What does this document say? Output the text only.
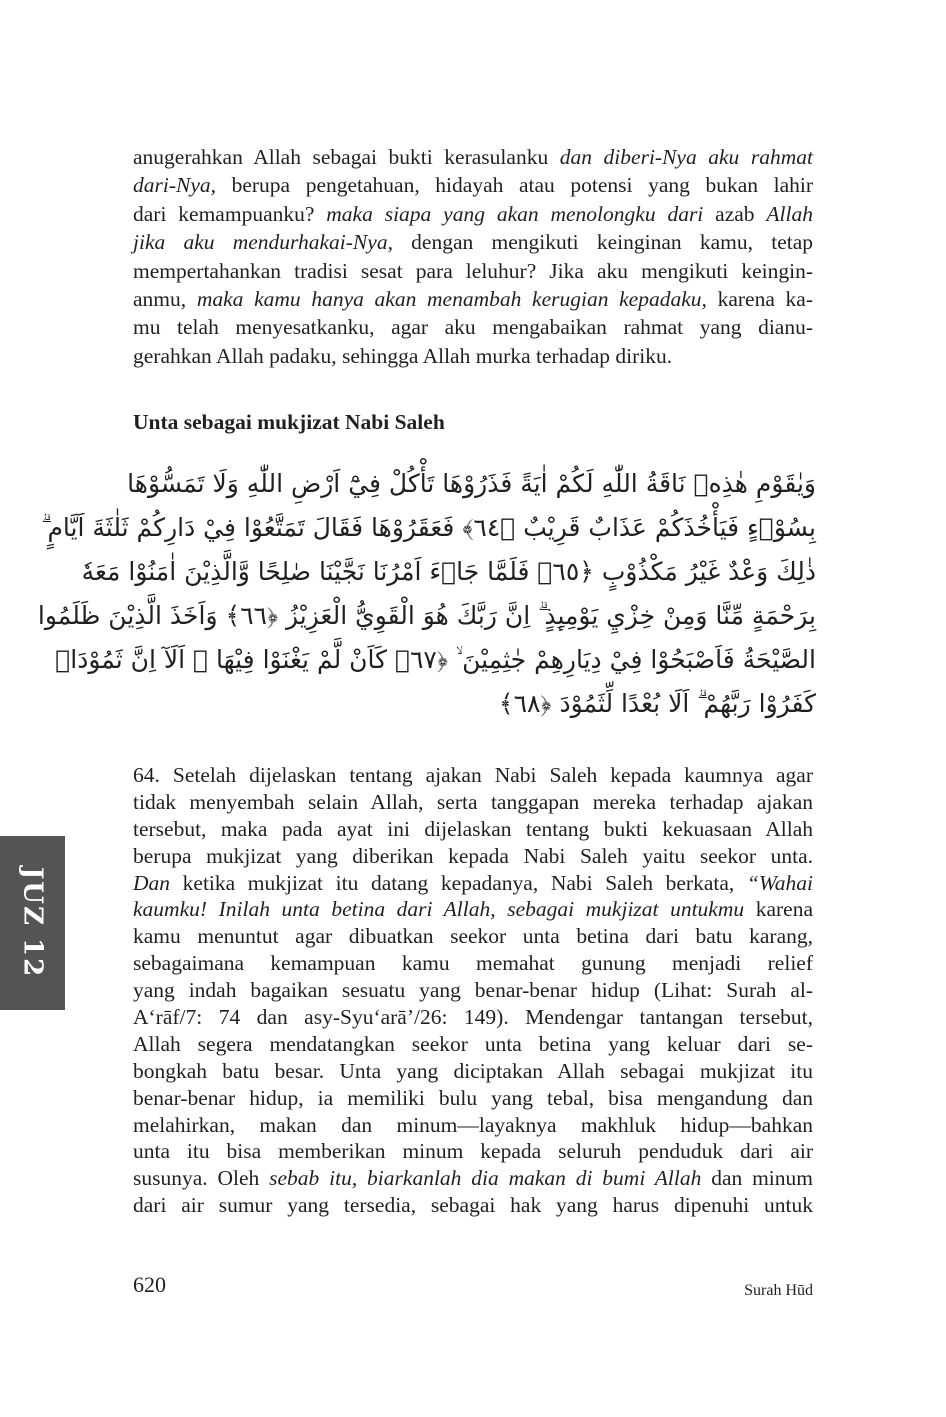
anugerahkan Allah sebagai bukti kerasulanku dan diberi-Nya aku rahmat
dari-Nya, berupa pengetahuan, hidayah atau potensi yang bukan lahir
dari kemampuanku? maka siapa yang akan menolongku dari azab Allah
jika aku mendurhakai-Nya, dengan mengikuti keinginan kamu, tetap
mempertahankan tradisi sesat para leluhur? Jika aku mengikuti keingin-
anmu, maka kamu hanya akan menambah kerugian kepadaku, karena ka-
mu telah menyesatkanku, agar aku mengabaikan rahmat yang dianu-
gerahkan Allah padaku, sehingga Allah murka terhadap diriku.
Unta sebagai mukjizat Nabi Saleh
وَيٰقَوْمِ هٰذِهٖ نَاقَةُ اللّٰهِ لَكُمْ اٰيَةً فَذَرُوْهَا تَأْكُلْ فِيْٓ اَرْضِ اللّٰهِ وَلَا تَمَسُّوْهَا
بِسُوْۤءٍ فَيَأْخُذَكُمْ عَذَابٌ قَرِيْبٌ ﴿٦٤﴾ فَعَقَرُوْهَا فَقَالَ تَمَتَّعُوْا فِيْ دَارِكُمْ ثَلٰثَةَ اَيَّامٍ ۗ
ذٰلِكَ وَعْدٌ غَيْرُ مَكْذُوْبٍ ﴿٦٥﴾ فَلَمَّا جَاۤءَ اَمْرُنَا نَجَّيْنَا صٰلِحًا وَّالَّذِيْنَ اٰمَنُوْا مَعَهٗ
بِرَحْمَةٍ مِّنَّا وَمِنْ خِزْيِ يَوْمِىِٕذٍ ۗ اِنَّ رَبَّكَ هُوَ الْقَوِيُّ الْعَزِيْزُ ﴿٦٦﴾ وَاَخَذَ الَّذِيْنَ ظَلَمُوا
الصَّيْحَةُ فَاَصْبَحُوْا فِيْ دِيَارِهِمْ جٰثِمِيْنَ ۙ ﴿٦٧﴾ كَاَنْ لَّمْ يَغْنَوْا فِيْهَا ۗ اَلَآ اِنَّ ثَمُوْدَا۟
كَفَرُوْا رَبَّهُمْ ۗ اَلَا بُعْدًا لِّثَمُوْدَ ﴿٦٨﴾
64. Setelah dijelaskan tentang ajakan Nabi Saleh kepada kaumnya agar
tidak menyembah selain Allah, serta tanggapan mereka terhadap ajakan
tersebut, maka pada ayat ini dijelaskan tentang bukti kekuasaan Allah
berupa mukjizat yang diberikan kepada Nabi Saleh yaitu seekor unta.
Dan ketika mukjizat itu datang kepadanya, Nabi Saleh berkata, “Wahai
kaumku! Inilah unta betina dari Allah, sebagai mukjizat untukmu karena
kamu menuntut agar dibuatkan seekor unta betina dari batu karang,
sebagaimana kemampuan kamu memahat gunung menjadi relief
yang indah bagaikan sesuatu yang benar-benar hidup (Lihat: Surah al-
A‘rāf/7: 74 dan asy-Syu‘arā’/26: 149). Mendengar tantangan tersebut,
Allah segera mendatangkan seekor unta betina yang keluar dari se-
bongkah batu besar. Unta yang diciptakan Allah sebagai mukjizat itu
benar-benar hidup, ia memiliki bulu yang tebal, bisa mengandung dan
melahirkan, makan dan minum—layaknya makhluk hidup—bahkan
unta itu bisa memberikan minum kepada seluruh penduduk dari air
susunya. Oleh sebab itu, biarkanlah dia makan di bumi Allah dan minum
dari air sumur yang tersedia, sebagai hak yang harus dipenuhi untuk
JUZ 12
620	Surah Hūd
